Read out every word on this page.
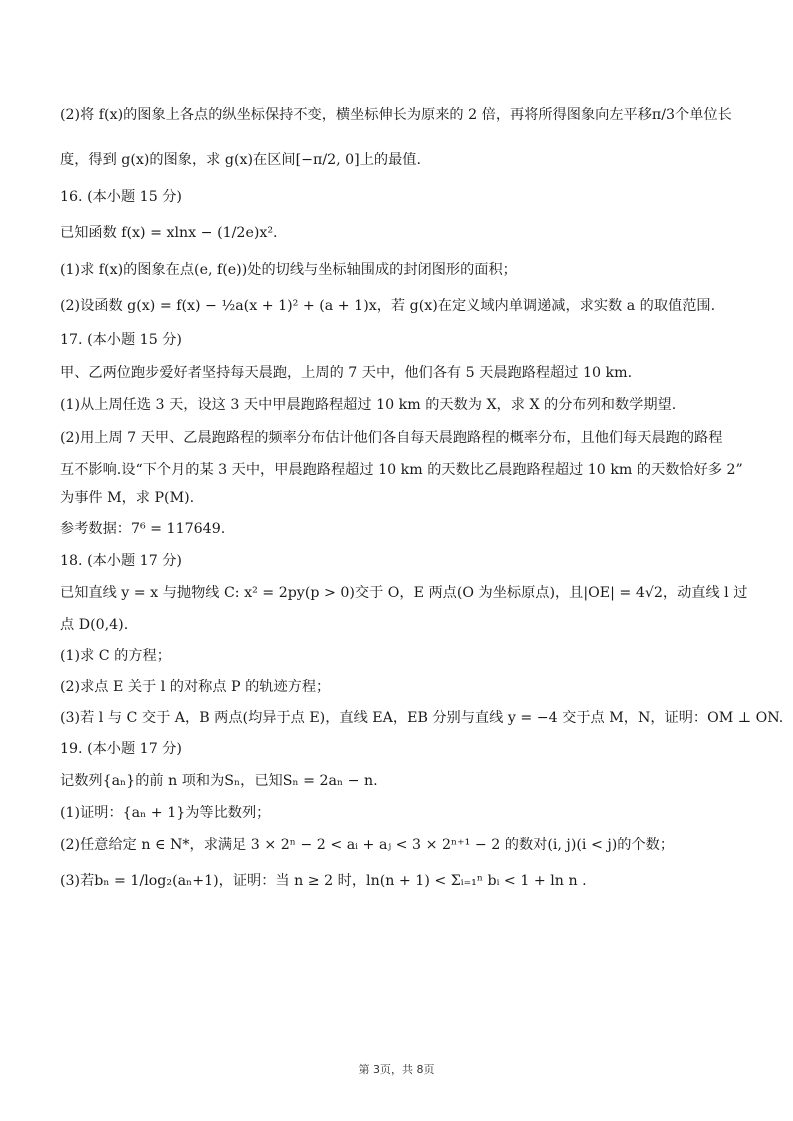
(2)将 f(x)的图象上各点的纵坐标保持不变，横坐标伸长为原来的 2 倍，再将所得图象向左平移π/3个单位长
度，得到 g(x)的图象，求 g(x)在区间[−π/2, 0]上的最值.
16. (本小题 15 分)
已知函数 f(x) = xlnx − (1/2e)x².
(1)求 f(x)的图象在点(e, f(e))处的切线与坐标轴围成的封闭图形的面积；
(2)设函数 g(x) = f(x) − ½a(x + 1)² + (a + 1)x，若 g(x)在定义域内单调递减，求实数 a 的取值范围.
17. (本小题 15 分)
甲、乙两位跑步爱好者坚持每天晨跑，上周的 7 天中，他们各有 5 天晨跑路程超过 10 km.
(1)从上周任选 3 天，设这 3 天中甲晨跑路程超过 10 km 的天数为 X，求 X 的分布列和数学期望.
(2)用上周 7 天甲、乙晨跑路程的频率分布估计他们各自每天晨跑路程的概率分布，且他们每天晨跑的路程
互不影响.设“下个月的某 3 天中，甲晨跑路程超过 10 km 的天数比乙晨跑路程超过 10 km 的天数恰好多 2”
为事件 M，求 P(M).
参考数据：7⁶ = 117649.
18. (本小题 17 分)
已知直线 y = x 与抛物线 C: x² = 2py(p > 0)交于 O，E 两点(O 为坐标原点)，且|OE| = 4√2，动直线 l 过
点 D(0,4).
(1)求 C 的方程；
(2)求点 E 关于 l 的对称点 P 的轨迹方程；
(3)若 l 与 C 交于 A，B 两点(均异于点 E)，直线 EA，EB 分别与直线 y = −4 交于点 M，N，证明：OM ⊥ ON.
19. (本小题 17 分)
记数列{aₙ}的前 n 项和为Sₙ，已知Sₙ = 2aₙ − n.
(1)证明：{aₙ + 1}为等比数列；
(2)任意给定 n ∈ N*，求满足 3 × 2ⁿ − 2 < aᵢ + aⱼ < 3 × 2ⁿ⁺¹ − 2 的数对(i, j)(i < j)的个数；
(3)若bₙ = 1/log₂(aₙ+1)，证明：当 n ≥ 2 时，ln(n + 1) < Σᵢ₌₁ⁿ bᵢ < 1 + ln n .
第 3页，共 8页
